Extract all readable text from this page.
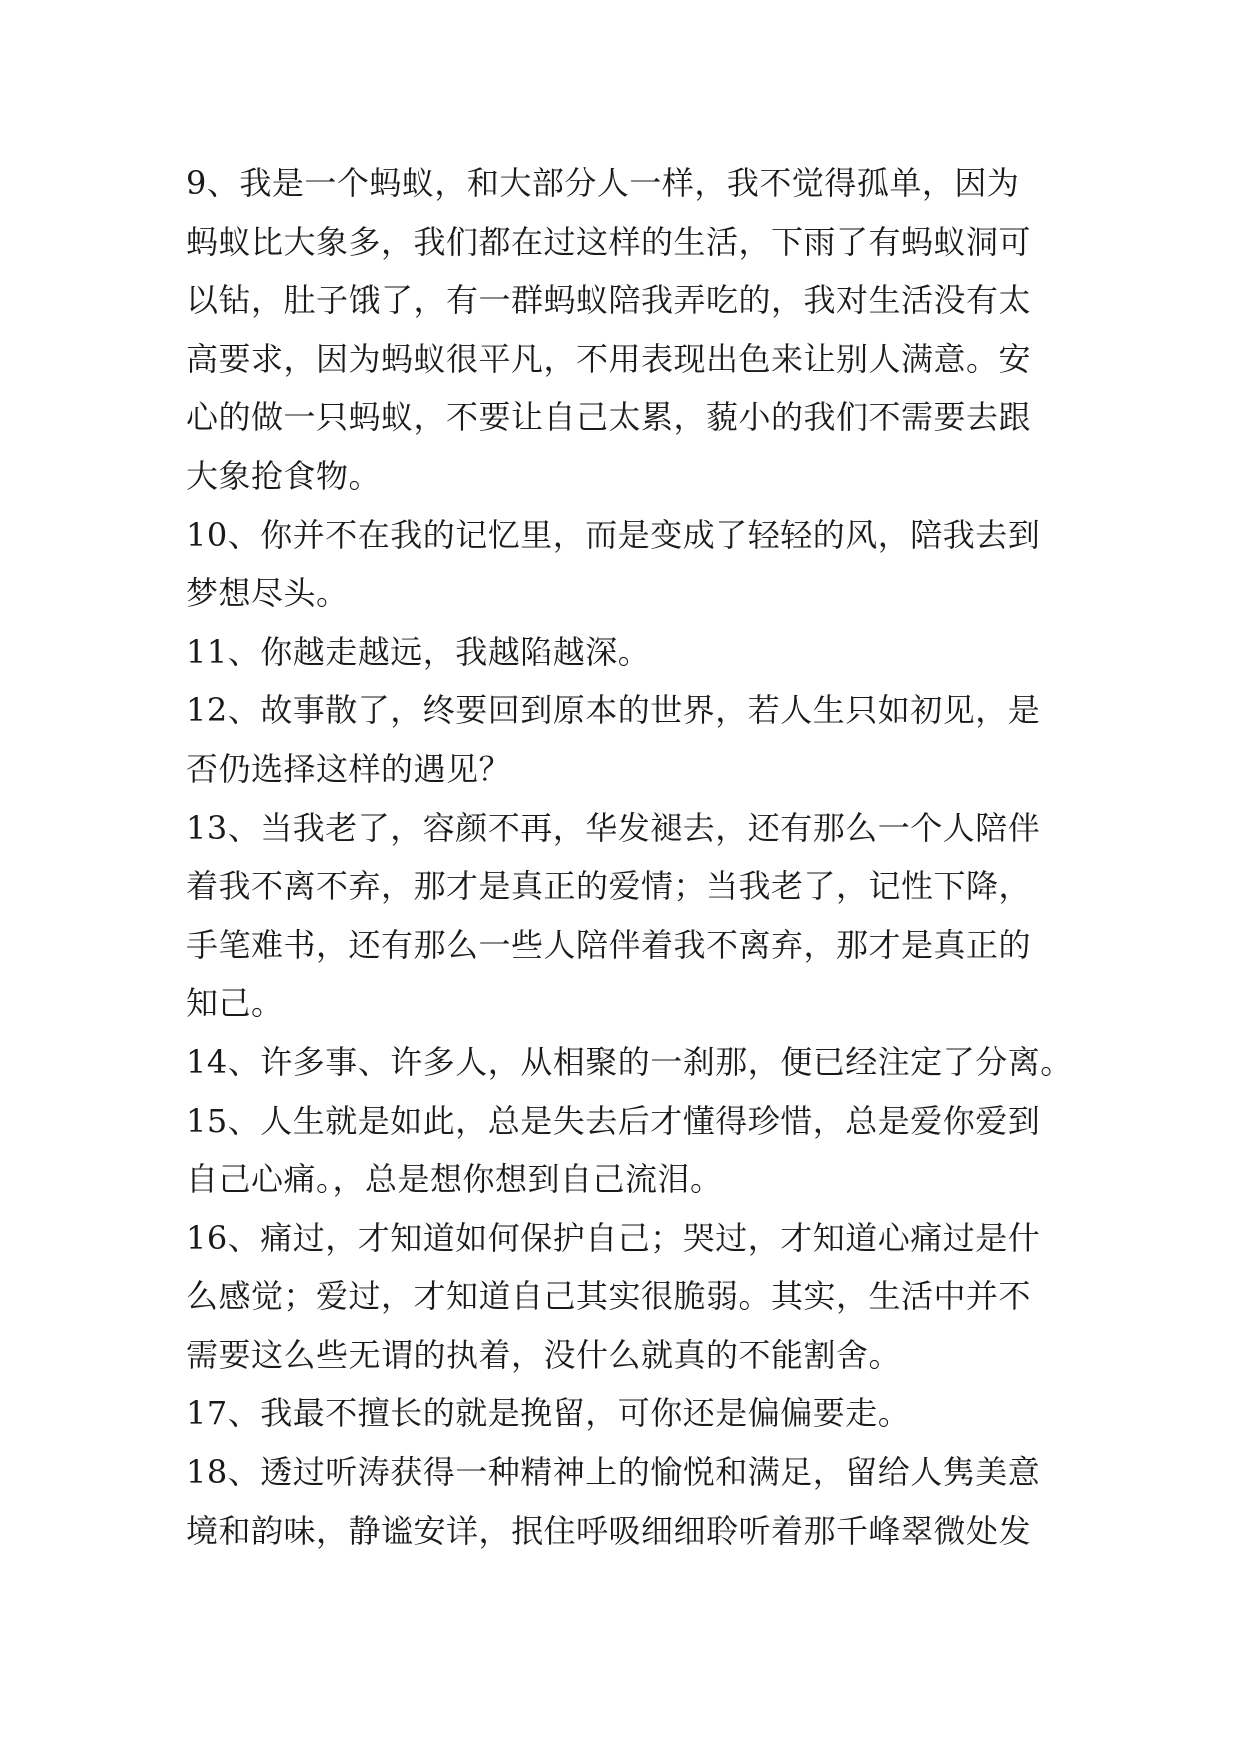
9、我是一个蚂蚁，和大部分人一样，我不觉得孤单，因为
蚂蚁比大象多，我们都在过这样的生活，下雨了有蚂蚁洞可
以钻，肚子饿了，有一群蚂蚁陪我弄吃的，我对生活没有太
高要求，因为蚂蚁很平凡，不用表现出色来让别人满意。安
心的做一只蚂蚁，不要让自己太累，藐小的我们不需要去跟
大象抢食物。
10、你并不在我的记忆里，而是变成了轻轻的风，陪我去到
梦想尽头。
11、你越走越远，我越陷越深。
12、故事散了，终要回到原本的世界，若人生只如初见，是
否仍选择这样的遇见？
13、当我老了，容颜不再，华发褪去，还有那么一个人陪伴
着我不离不弃，那才是真正的爱情；当我老了，记性下降，
手笔难书，还有那么一些人陪伴着我不离弃，那才是真正的
知己。
14、许多事、许多人，从相聚的一刹那，便已经注定了分离。
15、人生就是如此，总是失去后才懂得珍惜，总是爱你爱到
自己心痛。，总是想你想到自己流泪。
16、痛过，才知道如何保护自己；哭过，才知道心痛过是什
么感觉；爱过，才知道自己其实很脆弱。其实，生活中并不
需要这么些无谓的执着，没什么就真的不能割舍。
17、我最不擅长的就是挽留，可你还是偏偏要走。
18、透过听涛获得一种精神上的愉悦和满足，留给人隽美意
境和韵味，静谧安详，抿住呼吸细细聆听着那千峰翠微处发
